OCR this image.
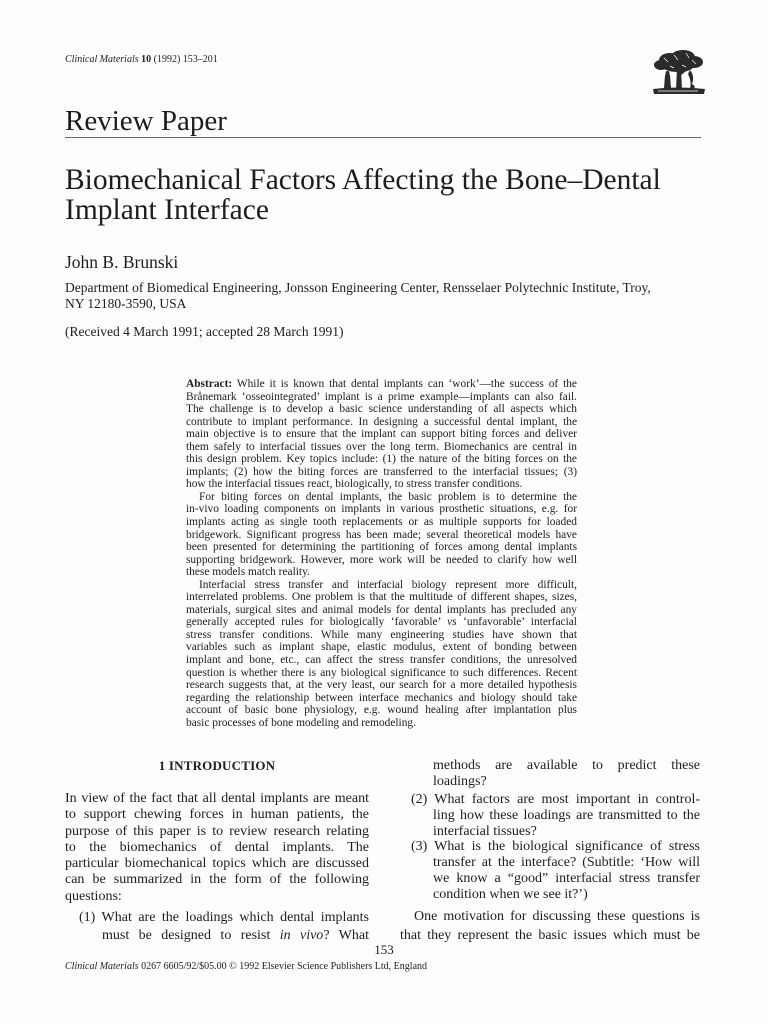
Clinical Materials 10 (1992) 153–201
Review Paper
Biomechanical Factors Affecting the Bone–Dental
Implant Interface
John B. Brunski
Department of Biomedical Engineering, Jonsson Engineering Center, Rensselaer Polytechnic Institute, Troy,
NY 12180-3590, USA
(Received 4 March 1991; accepted 28 March 1991)
Abstract: While it is known that dental implants can ‘work’—the success of the
Brånemark ‘osseointegrated’ implant is a prime example—implants can also fail.
The challenge is to develop a basic science understanding of all aspects which
contribute to implant performance. In designing a successful dental implant, the
main objective is to ensure that the implant can support biting forces and deliver
them safely to interfacial tissues over the long term. Biomechanics are central in
this design problem. Key topics include: (1) the nature of the biting forces on the
implants; (2) how the biting forces are transferred to the interfacial tissues; (3)
how the interfacial tissues react, biologically, to stress transfer conditions.
For biting forces on dental implants, the basic problem is to determine the
in-vivo loading components on implants in various prosthetic situations, e.g. for
implants acting as single tooth replacements or as multiple supports for loaded
bridgework. Significant progress has been made; several theoretical models have
been presented for determining the partitioning of forces among dental implants
supporting bridgework. However, more work will be needed to clarify how well
these models match reality.
Interfacial stress transfer and interfacial biology represent more difficult,
interrelated problems. One problem is that the multitude of different shapes, sizes,
materials, surgical sites and animal models for dental implants has precluded any
generally accepted rules for biologically ‘favorable’ vs ‘unfavorable’ interfacial
stress transfer conditions. While many engineering studies have shown that
variables such as implant shape, elastic modulus, extent of bonding between
implant and bone, etc., can affect the stress transfer conditions, the unresolved
question is whether there is any biological significance to such differences. Recent
research suggests that, at the very least, our search for a more detailed hypothesis
regarding the relationship between interface mechanics and biology should take
account of basic bone physiology, e.g. wound healing after implantation plus
basic processes of bone modeling and remodeling.
1 INTRODUCTION
In view of the fact that all dental implants are meant
to support chewing forces in human patients, the
purpose of this paper is to review research relating
to the biomechanics of dental implants. The
particular biomechanical topics which are discussed
can be summarized in the form of the following
questions:
(1) What are the loadings which dental implants
must be designed to resist in vivo? What
methods are available to predict these
loadings?
(2) What factors are most important in control-
ling how these loadings are transmitted to the
interfacial tissues?
(3) What is the biological significance of stress
transfer at the interface? (Subtitle: ‘How will
we know a “good” interfacial stress transfer
condition when we see it?’)
One motivation for discussing these questions is
that they represent the basic issues which must be
153
Clinical Materials 0267 6605/92/$05.00 © 1992 Elsevier Science Publishers Ltd, England
